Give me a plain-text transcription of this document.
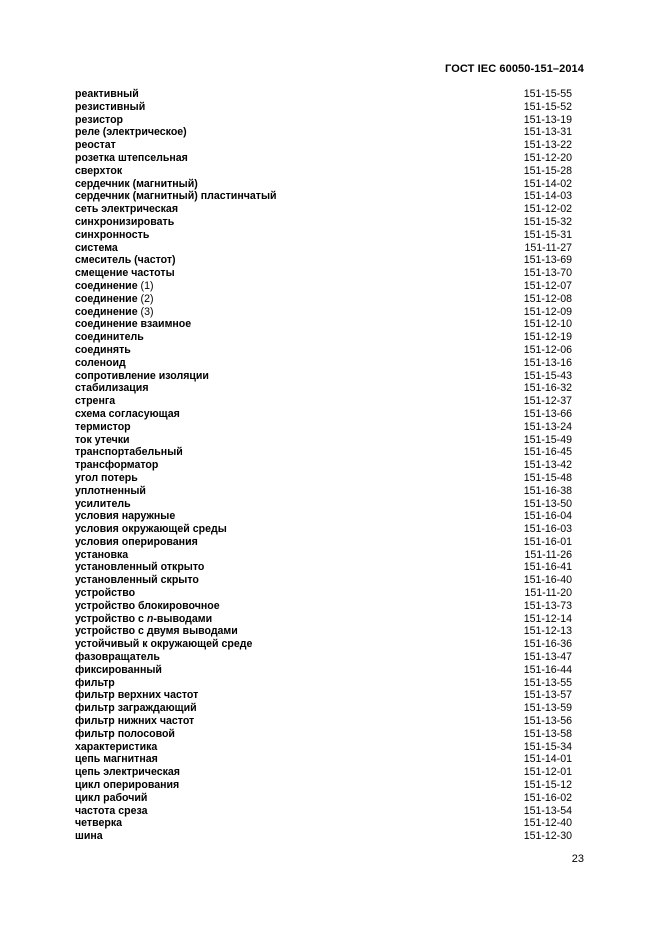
ГОСТ IEC 60050-151–2014
реактивный	151-15-55
резистивный	151-15-52
резистор	151-13-19
реле (электрическое)	151-13-31
реостат	151-13-22
розетка штепсельная	151-12-20
сверхток	151-15-28
сердечник (магнитный)	151-14-02
сердечник (магнитный) пластинчатый	151-14-03
сеть электрическая	151-12-02
синхронизировать	151-15-32
синхронность	151-15-31
система	151-11-27
смеситель (частот)	151-13-69
смещение частоты	151-13-70
соединение (1)	151-12-07
соединение (2)	151-12-08
соединение (3)	151-12-09
соединение взаимное	151-12-10
соединитель	151-12-19
соединять	151-12-06
соленоид	151-13-16
сопротивление изоляции	151-15-43
стабилизация	151-16-32
стренга	151-12-37
схема согласующая	151-13-66
термистор	151-13-24
ток утечки	151-15-49
транспортабельный	151-16-45
трансформатор	151-13-42
угол потерь	151-15-48
уплотненный	151-16-38
усилитель	151-13-50
условия наружные	151-16-04
условия окружающей среды	151-16-03
условия оперирования	151-16-01
установка	151-11-26
установленный открыто	151-16-41
установленный скрыто	151-16-40
устройство	151-11-20
устройство блокировочное	151-13-73
устройство с n-выводами	151-12-14
устройство с двумя выводами	151-12-13
устойчивый к окружающей среде	151-16-36
фазовращатель	151-13-47
фиксированный	151-16-44
фильтр	151-13-55
фильтр верхних частот	151-13-57
фильтр заграждающий	151-13-59
фильтр нижних частот	151-13-56
фильтр полосовой	151-13-58
характеристика	151-15-34
цепь магнитная	151-14-01
цепь электрическая	151-12-01
цикл оперирования	151-15-12
цикл рабочий	151-16-02
частота среза	151-13-54
четверка	151-12-40
шина	151-12-30
23
